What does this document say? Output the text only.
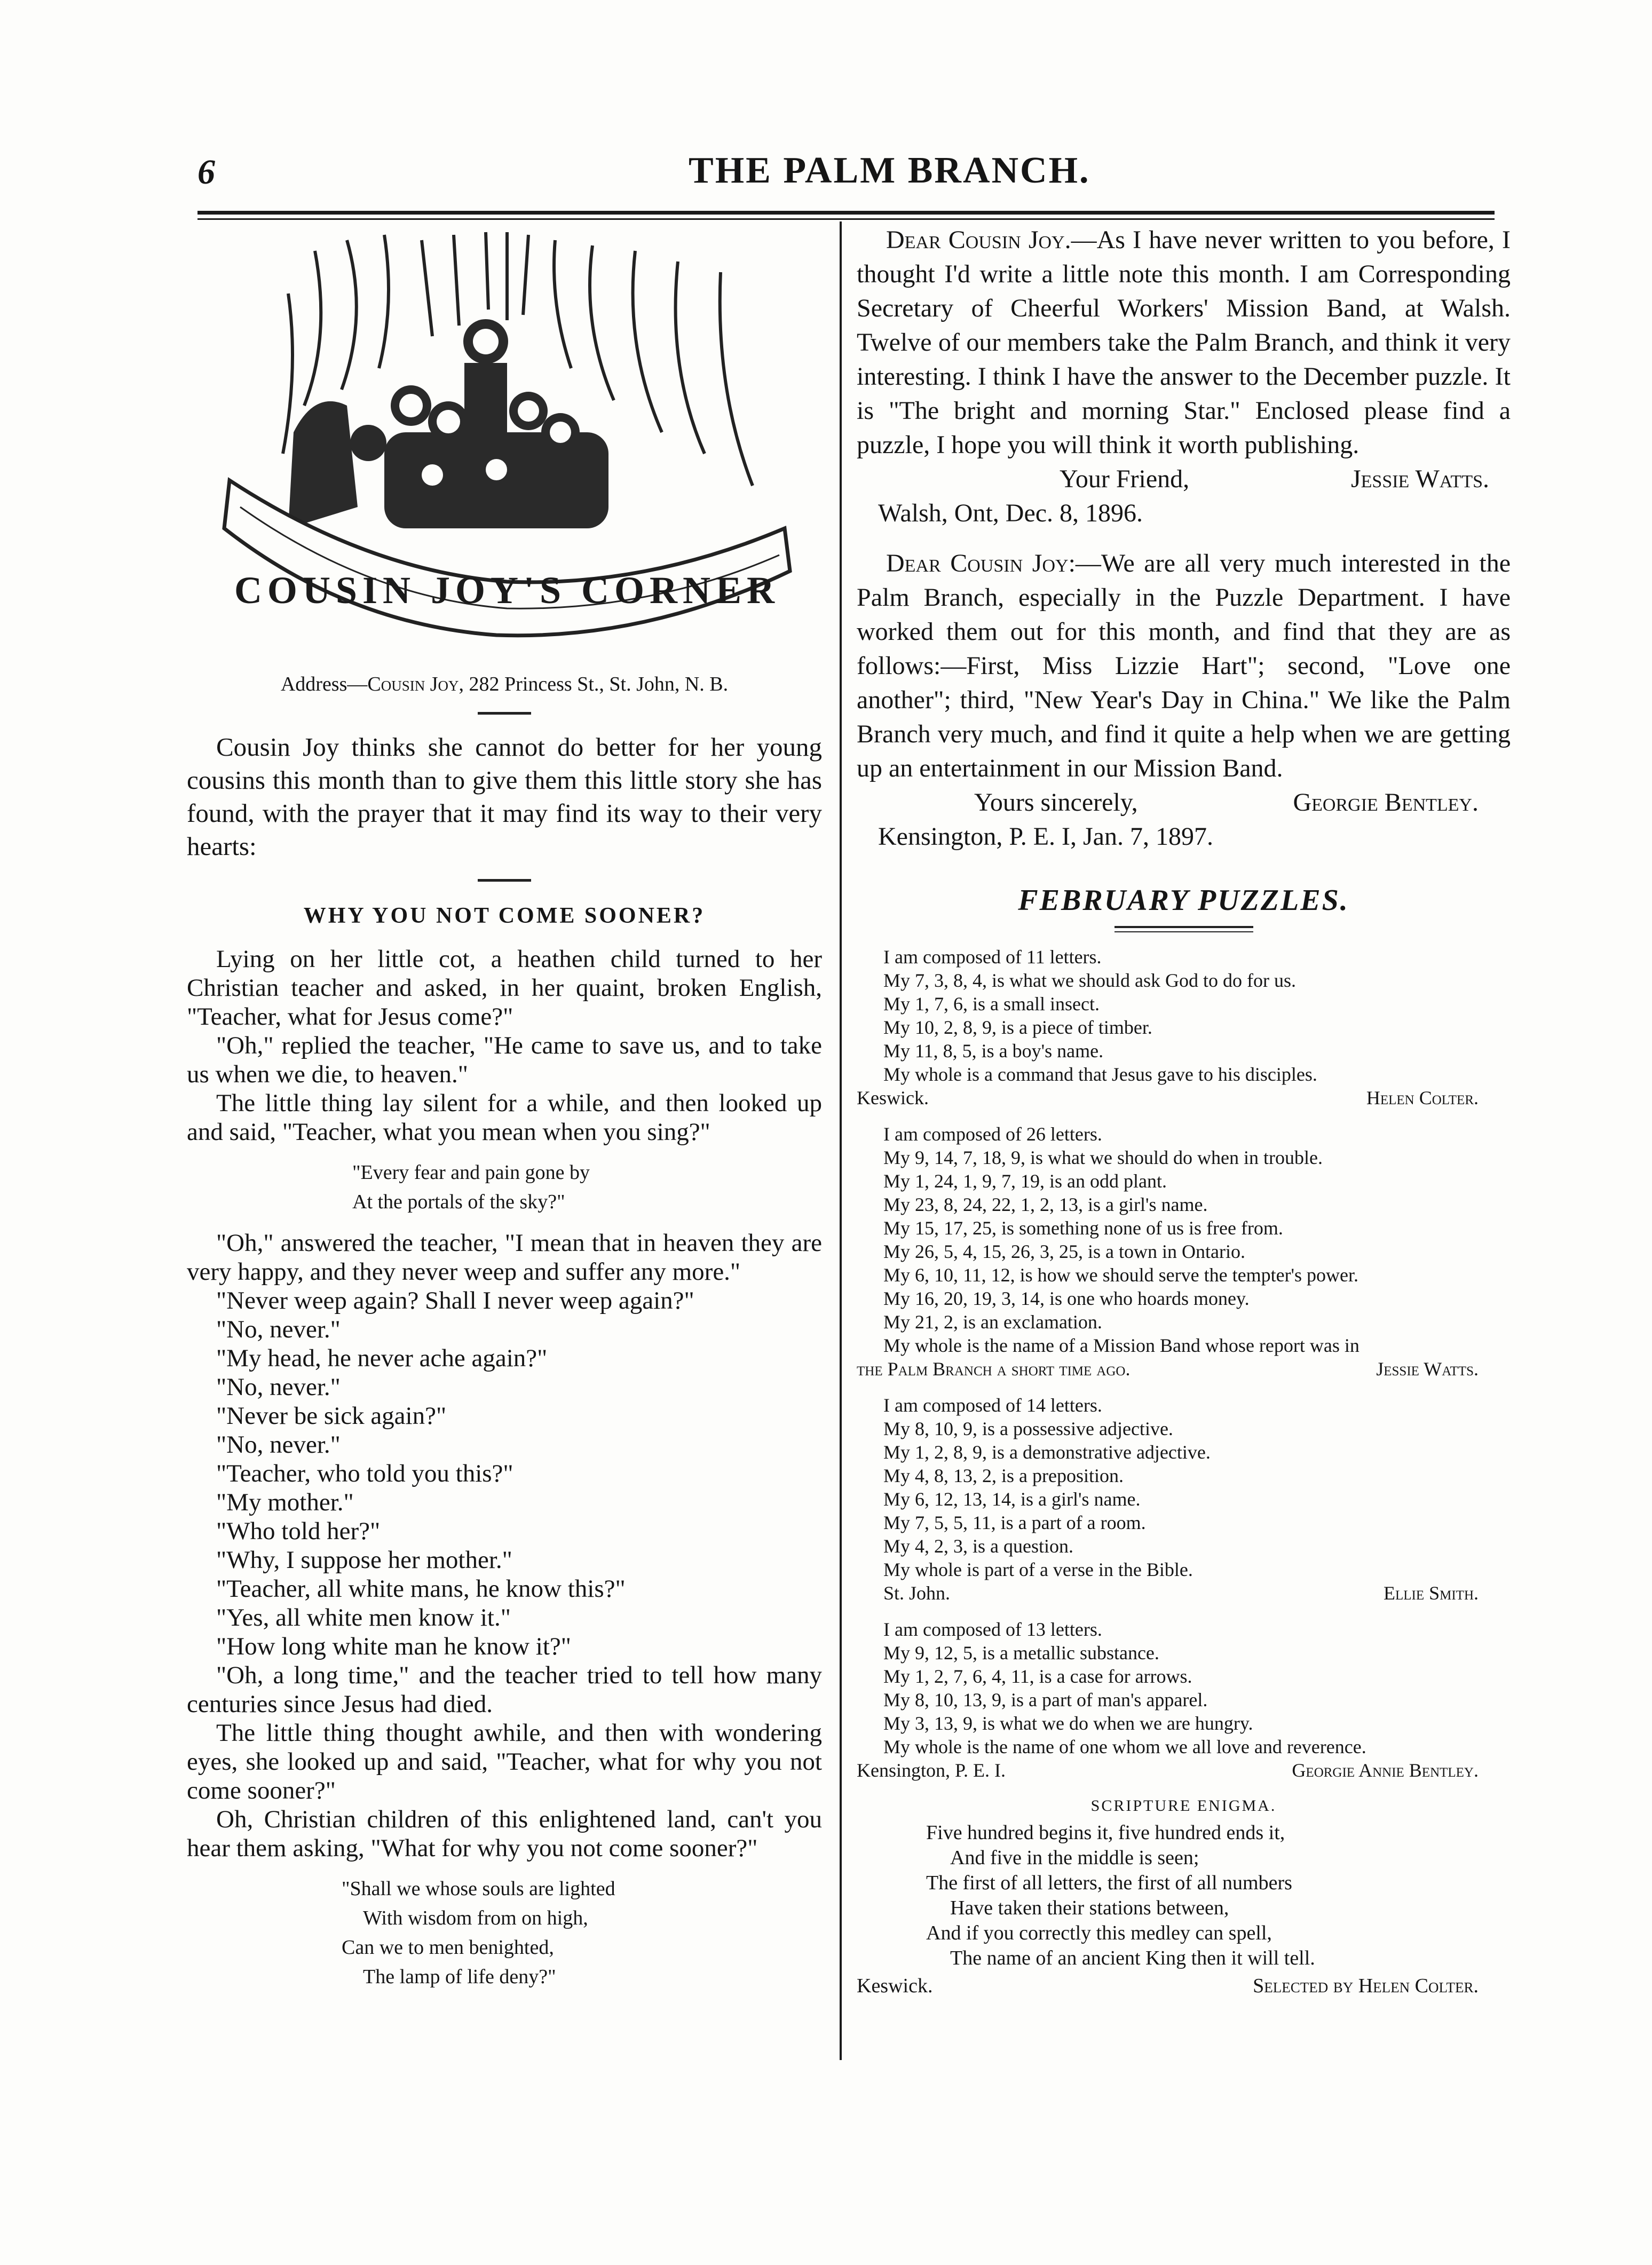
6	THE PALM BRANCH.
COUSIN JOY'S CORNER
Address—Cousin Joy, 282 Princess St., St. John, N. B.

Cousin Joy thinks she cannot do better for her young cousins this month than to give them this little story she has found, with the prayer that it may find its way to their very hearts:

WHY YOU NOT COME SOONER?

Lying on her little cot, a heathen child turned to her Christian teacher and asked, in her quaint, broken English, "Teacher, what for Jesus come?"

"Oh," replied the teacher, "He came to save us, and to take us when we die, to heaven."

The little thing lay silent for a while, and then looked up and said, "Teacher, what you mean when you sing?"

"Every fear and pain gone by
At the portals of the sky?"

"Oh," answered the teacher, "I mean that in heaven they are very happy, and they never weep and suffer any more."

"Never weep again? Shall I never weep again?"

"No, never."

"My head, he never ache again?"

"No, never."

"Never be sick again?"

"No, never."

"Teacher, who told you this?"

"My mother."

"Who told her?"

"Why, I suppose her mother."

"Teacher, all white mans, he know this?"

"Yes, all white men know it."

"How long white man he know it?"

"Oh, a long time," and the teacher tried to tell how many centuries since Jesus had died.

The little thing thought awhile, and then with wondering eyes, she looked up and said, "Teacher, what for why you not come sooner?"

Oh, Christian children of this enlightened land, can't you hear them asking, "What for why you not come sooner?"

"Shall we whose souls are lighted
With wisdom from on high,
Can we to men benighted,
The lamp of life deny?"

Dear Cousin Joy.—As I have never written to you before, I thought I'd write a little note this month. I am Corresponding Secretary of Cheerful Workers' Mission Band, at Walsh. Twelve of our members take the Palm Branch, and think it very interesting. I think I have the answer to the December puzzle. It is "The bright and morning Star." Enclosed please find a puzzle, I hope you will think it worth publishing.

Your Friend,	Jessie Watts.
Walsh, Ont, Dec. 8, 1896.

Dear Cousin Joy:—We are all very much interested in the Palm Branch, especially in the Puzzle Department. I have worked them out for this month, and find that they are as follows:—First, Miss Lizzie Hart"; second, "Love one another"; third, "New Year's Day in China." We like the Palm Branch very much, and find it quite a help when we are getting up an entertainment in our Mission Band.

Yours sincerely,	Georgie Bentley.
Kensington, P. E. I, Jan. 7, 1897.
FEBRUARY PUZZLES.
I am composed of 11 letters.
My 7, 3, 8, 4, is what we should ask God to do for us.
My 1, 7, 6, is a small insect.
My 10, 2, 8, 9, is a piece of timber.
My 11, 8, 5, is a boy's name.
My whole is a command that Jesus gave to his disciples.
Keswick.	Helen Colter.
I am composed of 26 letters.
My 9, 14, 7, 18, 9, is what we should do when in trouble.
My 1, 24, 1, 9, 7, 19, is an odd plant.
My 23, 8, 24, 22, 1, 2, 13, is a girl's name.
My 15, 17, 25, is something none of us is free from.
My 26, 5, 4, 15, 26, 3, 25, is a town in Ontario.
My 6, 10, 11, 12, is how we should serve the tempter's power.
My 16, 20, 19, 3, 14, is one who hoards money.
My 21, 2, is an exclamation.
My whole is the name of a Mission Band whose report was in
the Palm Branch a short time ago.	Jessie Watts.
I am composed of 14 letters.
My 8, 10, 9, is a possessive adjective.
My 1, 2, 8, 9, is a demonstrative adjective.
My 4, 8, 13, 2, is a preposition.
My 6, 12, 13, 14, is a girl's name.
My 7, 5, 5, 11, is a part of a room.
My 4, 2, 3, is a question.
My whole is part of a verse in the Bible.
St. John.	Ellie Smith.
I am composed of 13 letters.
My 9, 12, 5, is a metallic substance.
My 1, 2, 7, 6, 4, 11, is a case for arrows.
My 8, 10, 13, 9, is a part of man's apparel.
My 3, 13, 9, is what we do when we are hungry.
My whole is the name of one whom we all love and reverence.
Kensington, P. E. I.	Georgie Annie Bentley.
SCRIPTURE ENIGMA.
Five hundred begins it, five hundred ends it,
And five in the middle is seen;
The first of all letters, the first of all numbers
Have taken their stations between,
And if you correctly this medley can spell,
The name of an ancient King then it will tell.
Keswick.	Selected by Helen Colter.
